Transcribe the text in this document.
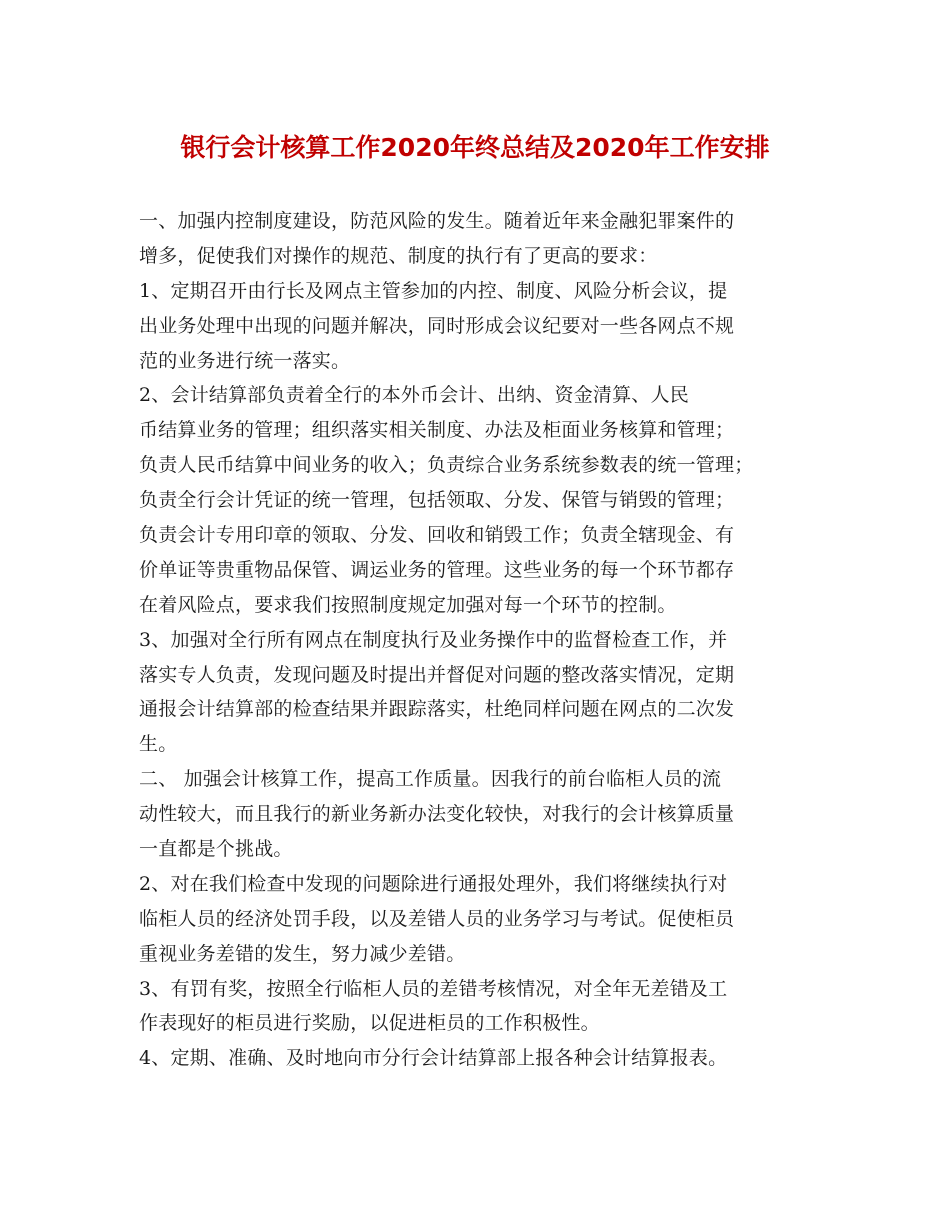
银行会计核算工作2020年终总结及2020年工作安排
一、加强内控制度建设，防范风险的发生。随着近年来金融犯罪案件的
增多，促使我们对操作的规范、制度的执行有了更高的要求：
1、定期召开由行长及网点主管参加的内控、制度、风险分析会议，提
出业务处理中出现的问题并解决，同时形成会议纪要对一些各网点不规
范的业务进行统一落实。
2、会计结算部负责着全行的本外币会计、出纳、资金清算、人民
币结算业务的管理；组织落实相关制度、办法及柜面业务核算和管理；
负责人民币结算中间业务的收入；负责综合业务系统参数表的统一管理；
负责全行会计凭证的统一管理，包括领取、分发、保管与销毁的管理；
负责会计专用印章的领取、分发、回收和销毁工作；负责全辖现金、有
价单证等贵重物品保管、调运业务的管理。这些业务的每一个环节都存
在着风险点，要求我们按照制度规定加强对每一个环节的控制。
3、加强对全行所有网点在制度执行及业务操作中的监督检查工作，并
落实专人负责，发现问题及时提出并督促对问题的整改落实情况，定期
通报会计结算部的检查结果并跟踪落实，杜绝同样问题在网点的二次发
生。
二、 加强会计核算工作，提高工作质量。因我行的前台临柜人员的流
动性较大，而且我行的新业务新办法变化较快，对我行的会计核算质量
一直都是个挑战。
2、对在我们检查中发现的问题除进行通报处理外，我们将继续执行对
临柜人员的经济处罚手段，以及差错人员的业务学习与考试。促使柜员
重视业务差错的发生，努力减少差错。
3、有罚有奖，按照全行临柜人员的差错考核情况，对全年无差错及工
作表现好的柜员进行奖励，以促进柜员的工作积极性。
4、定期、准确、及时地向市分行会计结算部上报各种会计结算报表。
